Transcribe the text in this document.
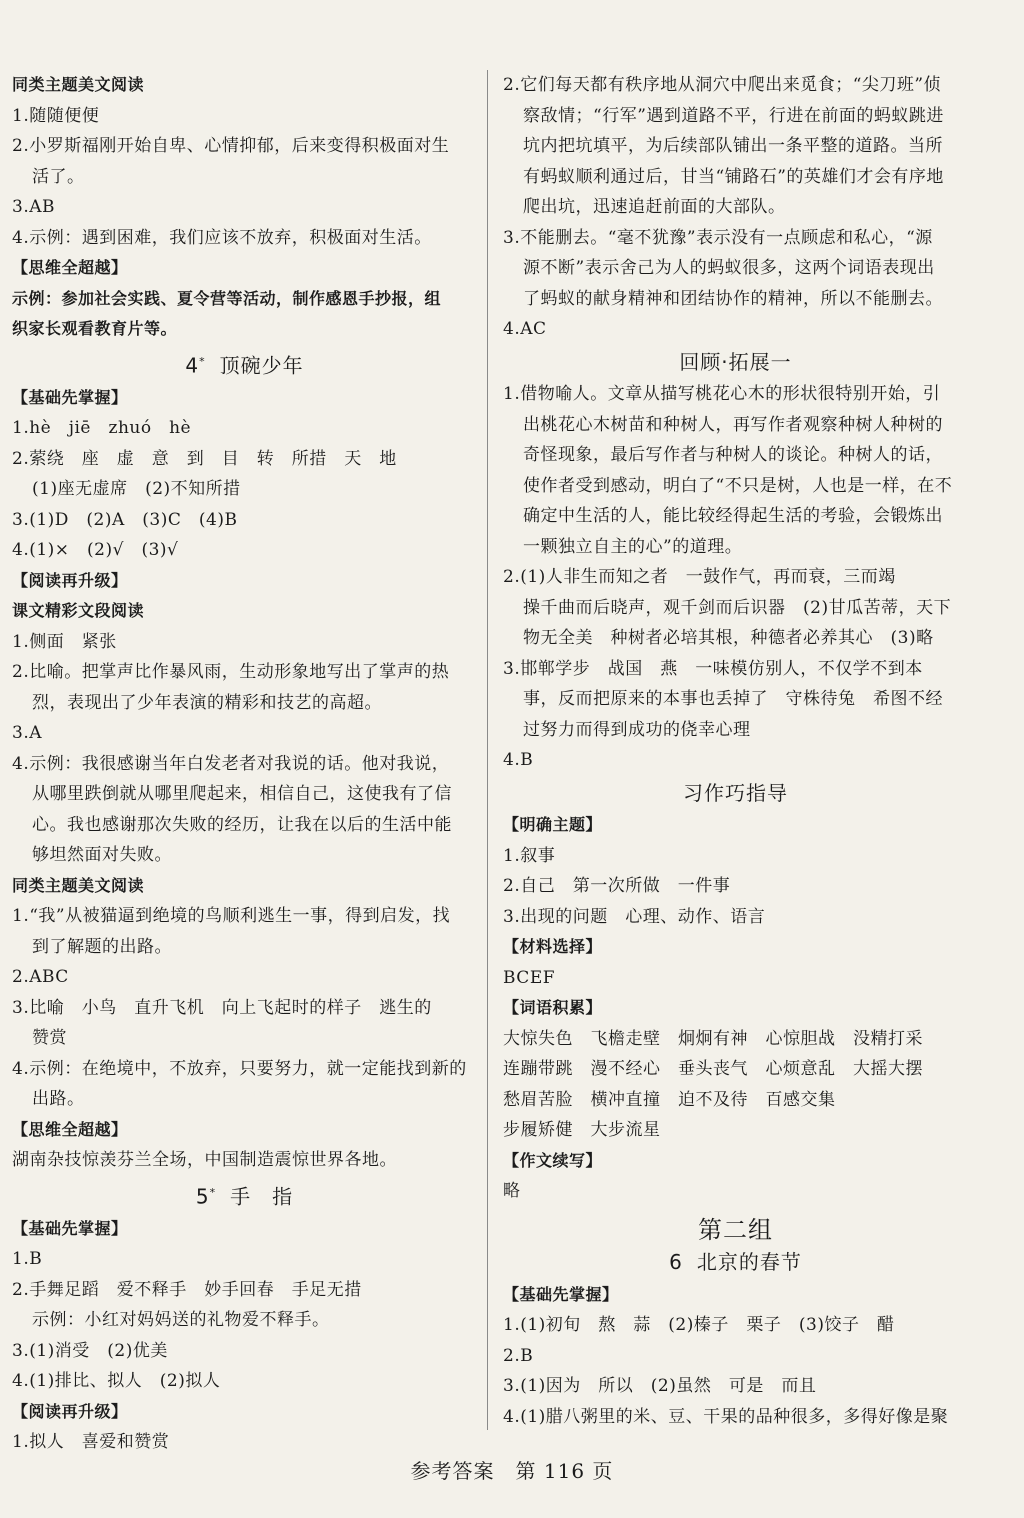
同类主题美文阅读
1.随随便便
2.小罗斯福刚开始自卑、心情抑郁，后来变得积极面对生
活了。
3.AB
4.示例：遇到困难，我们应该不放弃，积极面对生活。
【思维全超越】
示例：参加社会实践、夏令营等活动，制作感恩手抄报，组
织家长观看教育片等。
4* 顶碗少年
【基础先掌握】
1.hè　jiē　zhuó　hè
2.萦绕　座　虚　意　到　目　转　所措　天　地
(1)座无虚席　(2)不知所措
3.(1)D　(2)A　(3)C　(4)B
4.(1)×　(2)√　(3)√
【阅读再升级】
课文精彩文段阅读
1.侧面　紧张
2.比喻。把掌声比作暴风雨，生动形象地写出了掌声的热
烈，表现出了少年表演的精彩和技艺的高超。
3.A
4.示例：我很感谢当年白发老者对我说的话。他对我说，
从哪里跌倒就从哪里爬起来，相信自己，这使我有了信
心。我也感谢那次失败的经历，让我在以后的生活中能
够坦然面对失败。
同类主题美文阅读
1.“我”从被猫逼到绝境的鸟顺利逃生一事，得到启发，找
到了解题的出路。
2.ABC
3.比喻　小鸟　直升飞机　向上飞起时的样子　逃生的
赞赏
4.示例：在绝境中，不放弃，只要努力，就一定能找到新的
出路。
【思维全超越】
湖南杂技惊羡芬兰全场，中国制造震惊世界各地。
5* 手　指
【基础先掌握】
1.B
2.手舞足蹈　爱不释手　妙手回春　手足无措
示例：小红对妈妈送的礼物爱不释手。
3.(1)消受　(2)优美
4.(1)排比、拟人　(2)拟人
【阅读再升级】
1.拟人　喜爱和赞赏
2.它们每天都有秩序地从洞穴中爬出来觅食；“尖刀班”侦
察敌情；“行军”遇到道路不平，行进在前面的蚂蚁跳进
坑内把坑填平，为后续部队铺出一条平整的道路。当所
有蚂蚁顺利通过后，甘当“铺路石”的英雄们才会有序地
爬出坑，迅速追赶前面的大部队。
3.不能删去。“毫不犹豫”表示没有一点顾虑和私心，“源
源不断”表示舍己为人的蚂蚁很多，这两个词语表现出
了蚂蚁的献身精神和团结协作的精神，所以不能删去。
4.AC
回顾·拓展一
1.借物喻人。文章从描写桃花心木的形状很特别开始，引
出桃花心木树苗和种树人，再写作者观察种树人种树的
奇怪现象，最后写作者与种树人的谈论。种树人的话，
使作者受到感动，明白了“不只是树，人也是一样，在不
确定中生活的人，能比较经得起生活的考验，会锻炼出
一颗独立自主的心”的道理。
2.(1)人非生而知之者　一鼓作气，再而衰，三而竭
操千曲而后晓声，观千剑而后识器　(2)甘瓜苦蒂，天下
物无全美　种树者必培其根，种德者必养其心　(3)略
3.邯郸学步　战国　燕　一味模仿别人，不仅学不到本
事，反而把原来的本事也丢掉了　守株待兔　希图不经
过努力而得到成功的侥幸心理
4.B
习作巧指导
【明确主题】
1.叙事
2.自己　第一次所做　一件事
3.出现的问题　心理、动作、语言
【材料选择】
BCEF
【词语积累】
大惊失色　飞檐走壁　炯炯有神　心惊胆战　没精打采
连蹦带跳　漫不经心　垂头丧气　心烦意乱　大摇大摆
愁眉苦脸　横冲直撞　迫不及待　百感交集
步履矫健　大步流星
【作文续写】
略
第二组
6 北京的春节
【基础先掌握】
1.(1)初旬　熬　蒜　(2)榛子　栗子　(3)饺子　醋
2.B
3.(1)因为　所以　(2)虽然　可是　而且
4.(1)腊八粥里的米、豆、干果的品种很多，多得好像是聚
参考答案　第 116 页
